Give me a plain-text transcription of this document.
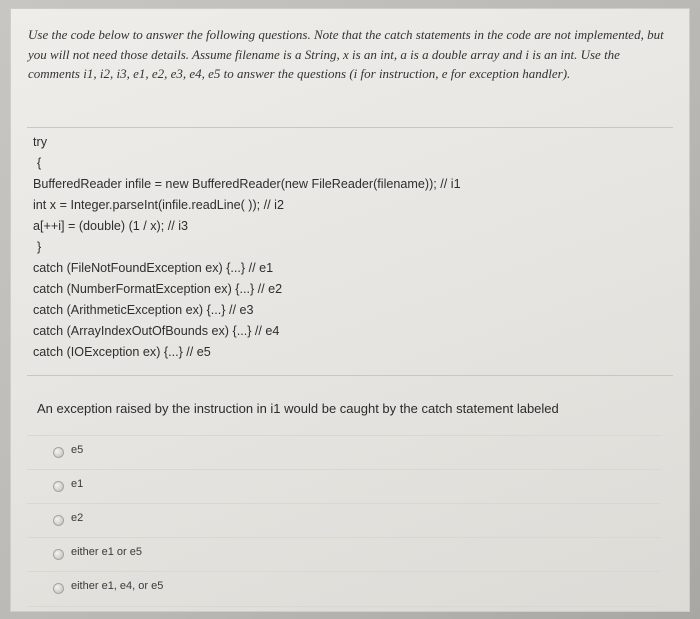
Use the code below to answer the following questions. Note that the catch statements in the code are not implemented, but you will not need those details. Assume filename is a String, x is an int, a is a double array and i is an int. Use the comments i1, i2, i3, e1, e2, e3, e4, e5 to answer the questions (i for instruction, e for exception handler).

try
{
BufferedReader infile = new BufferedReader(new FileReader(filename)); // i1
int x = Integer.parseInt(infile.readLine( )); // i2
a[++i] = (double) (1 / x); // i3
}
catch (FileNotFoundException ex) {...} // e1
catch (NumberFormatException ex) {...} // e2
catch (ArithmeticException ex) {...} // e3
catch (ArrayIndexOutOfBounds ex) {...} // e4
catch (IOException ex) {...} // e5

An exception raised by the instruction in i1 would be caught by the catch statement labeled

e5
e1
e2
either e1 or e5
either e1, e4, or e5
